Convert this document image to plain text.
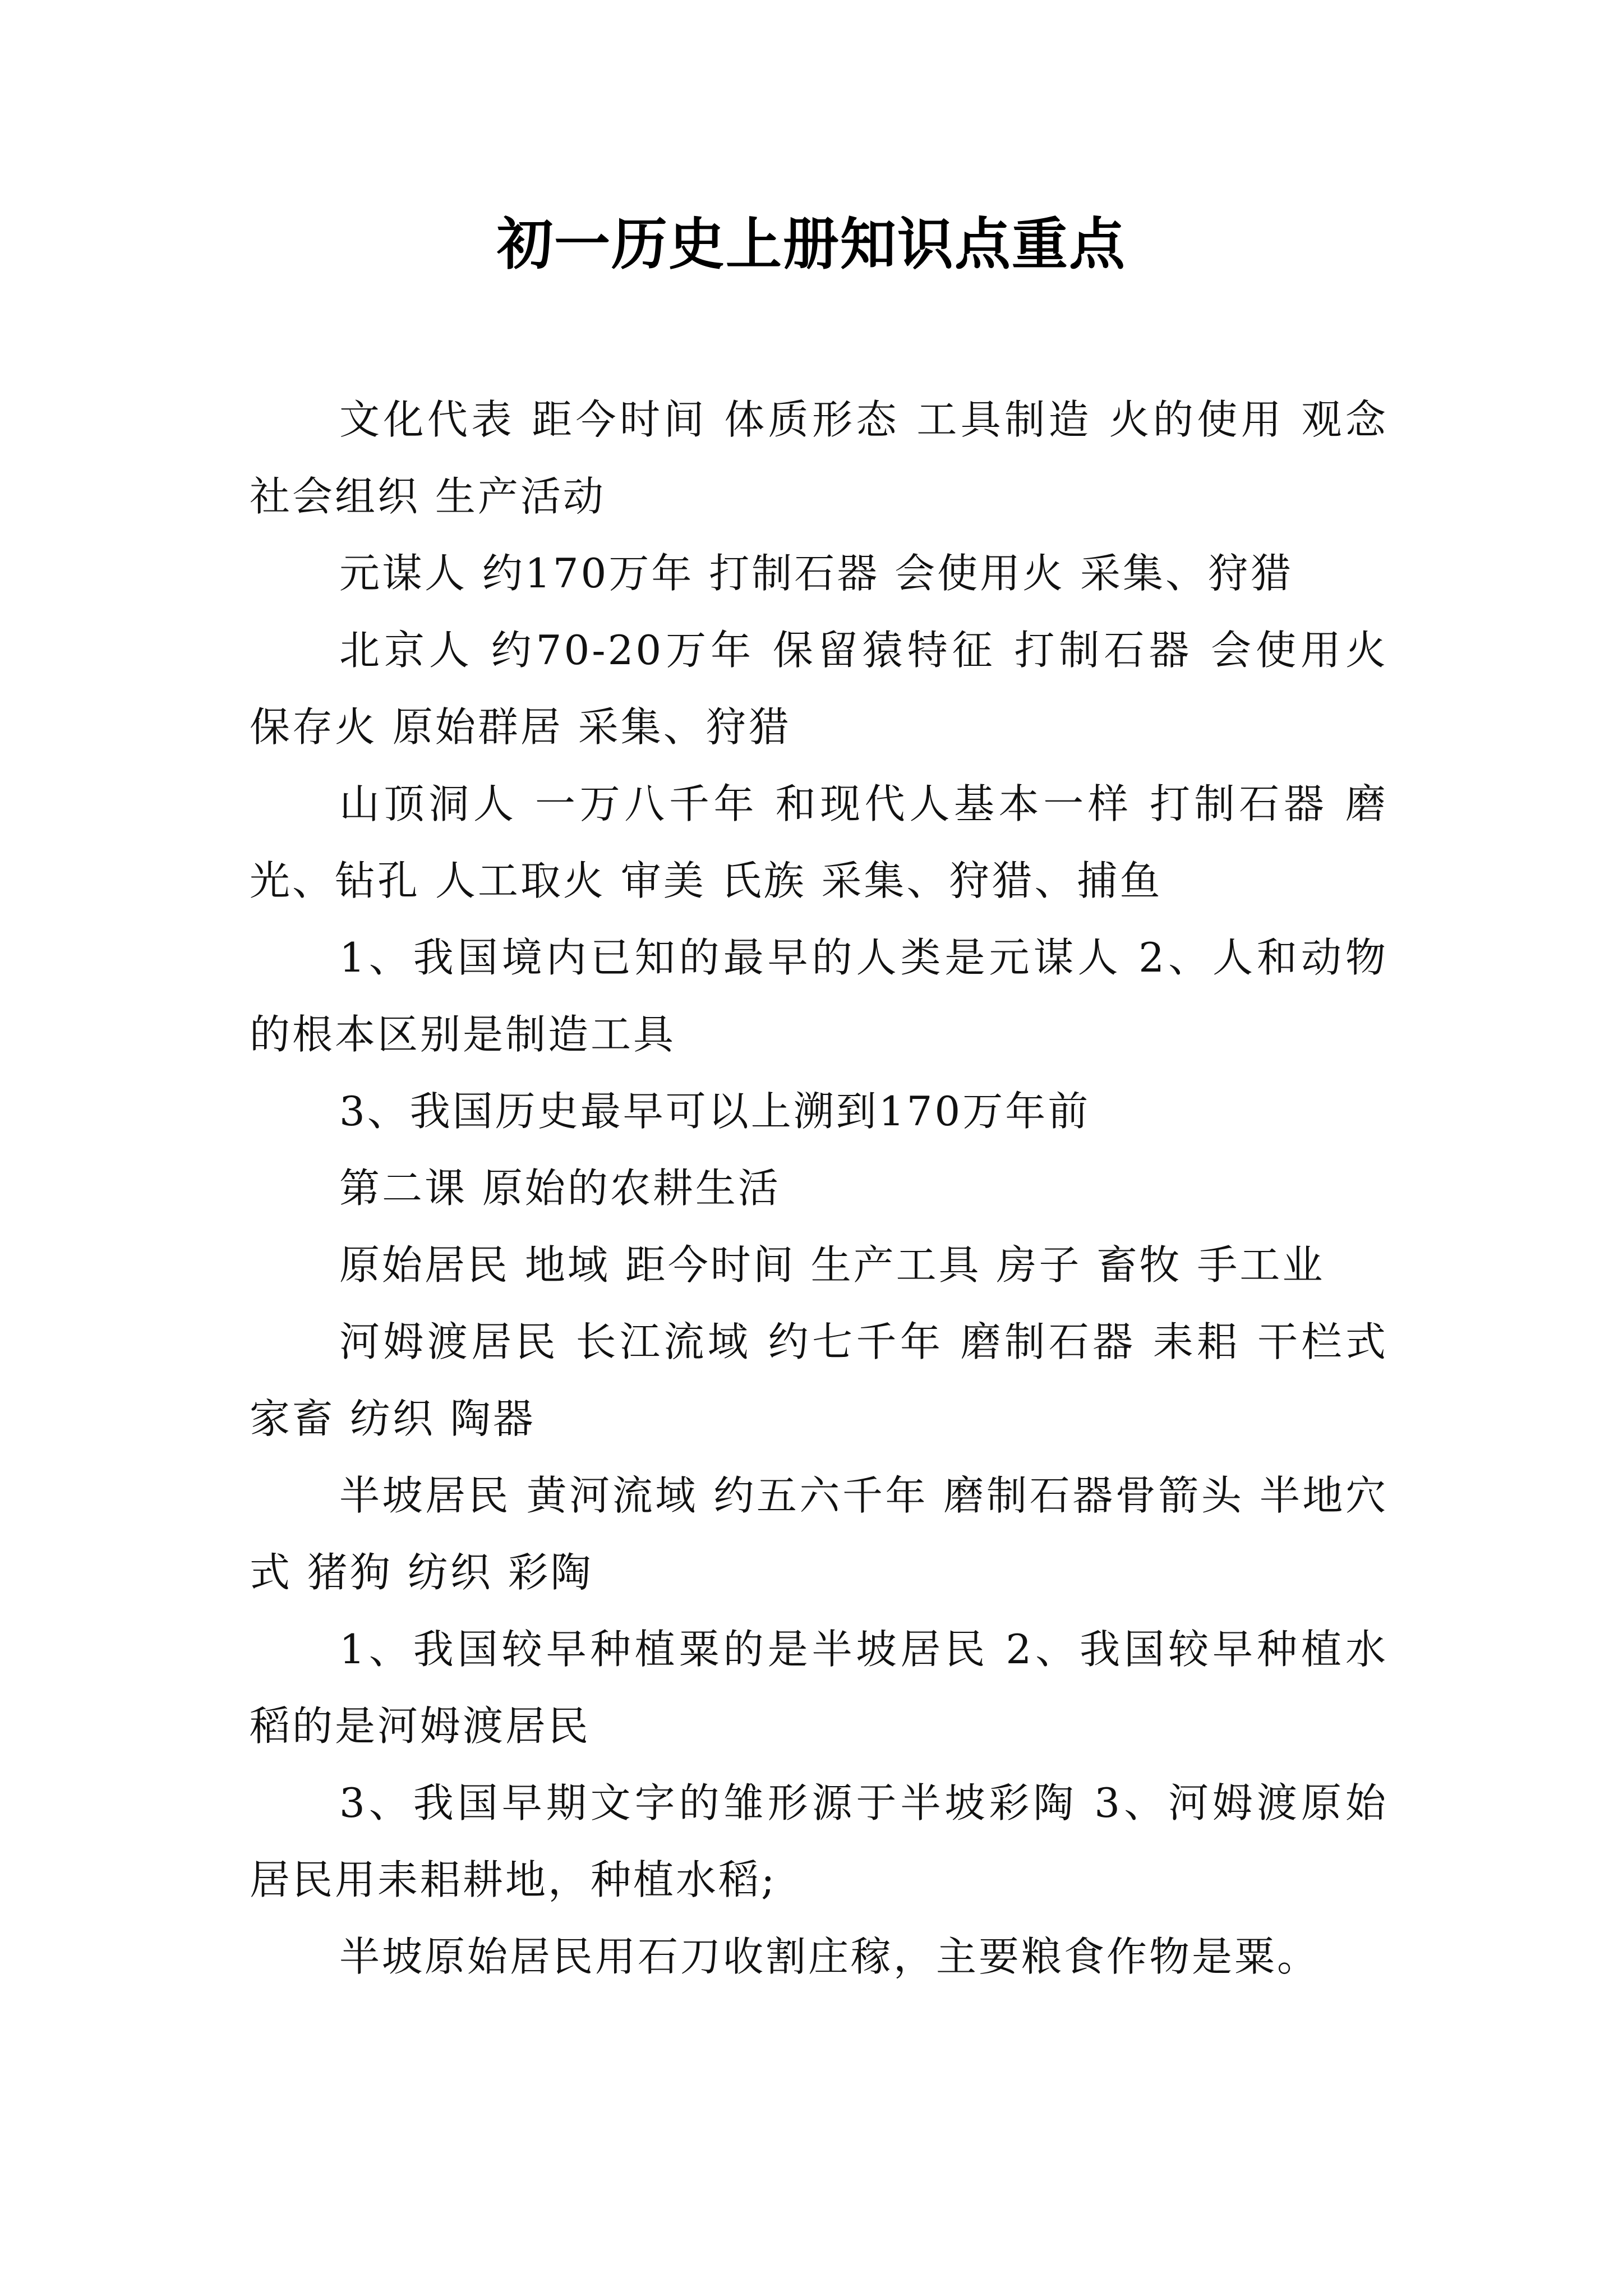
初一历史上册知识点重点

文化代表 距今时间 体质形态 工具制造 火的使用 观念 社会组织 生产活动

元谋人 约170万年 打制石器 会使用火 采集、狩猎

北京人 约70-20万年 保留猿特征 打制石器 会使用火 保存火 原始群居 采集、狩猎

山顶洞人 一万八千年 和现代人基本一样 打制石器 磨光、钻孔 人工取火 审美 氏族 采集、狩猎、捕鱼

1、我国境内已知的最早的人类是元谋人 2、人和动物的根本区别是制造工具

3、我国历史最早可以上溯到170万年前

第二课 原始的农耕生活

原始居民 地域 距今时间 生产工具 房子 畜牧 手工业

河姆渡居民 长江流域 约七千年 磨制石器 耒耜 干栏式 家畜 纺织 陶器

半坡居民 黄河流域 约五六千年 磨制石器骨箭头 半地穴式 猪狗 纺织 彩陶

1、我国较早种植粟的是半坡居民 2、我国较早种植水稻的是河姆渡居民

3、我国早期文字的雏形源于半坡彩陶 3、河姆渡原始居民用耒耜耕地，种植水稻;

半坡原始居民用石刀收割庄稼，主要粮食作物是粟。
